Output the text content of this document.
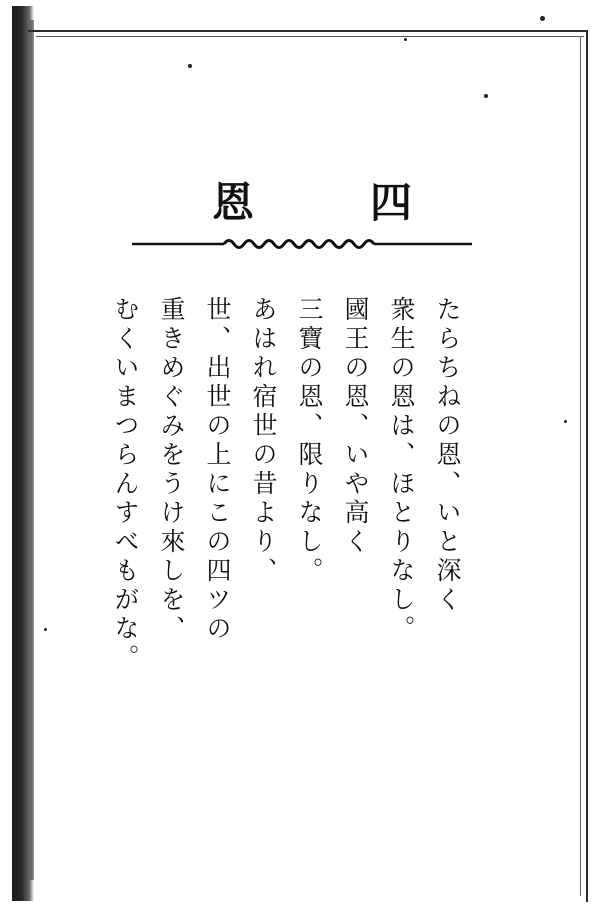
恩	四
たらちねの恩、いと深く
衆生の恩は、ほとりなし。
國王の恩、いや高く
三寶の恩、限りなし。
あはれ宿世の昔より、
世、出世の上にこの四ツの
重きめぐみをうけ來しを、
むくいまつらんすべもがな。
